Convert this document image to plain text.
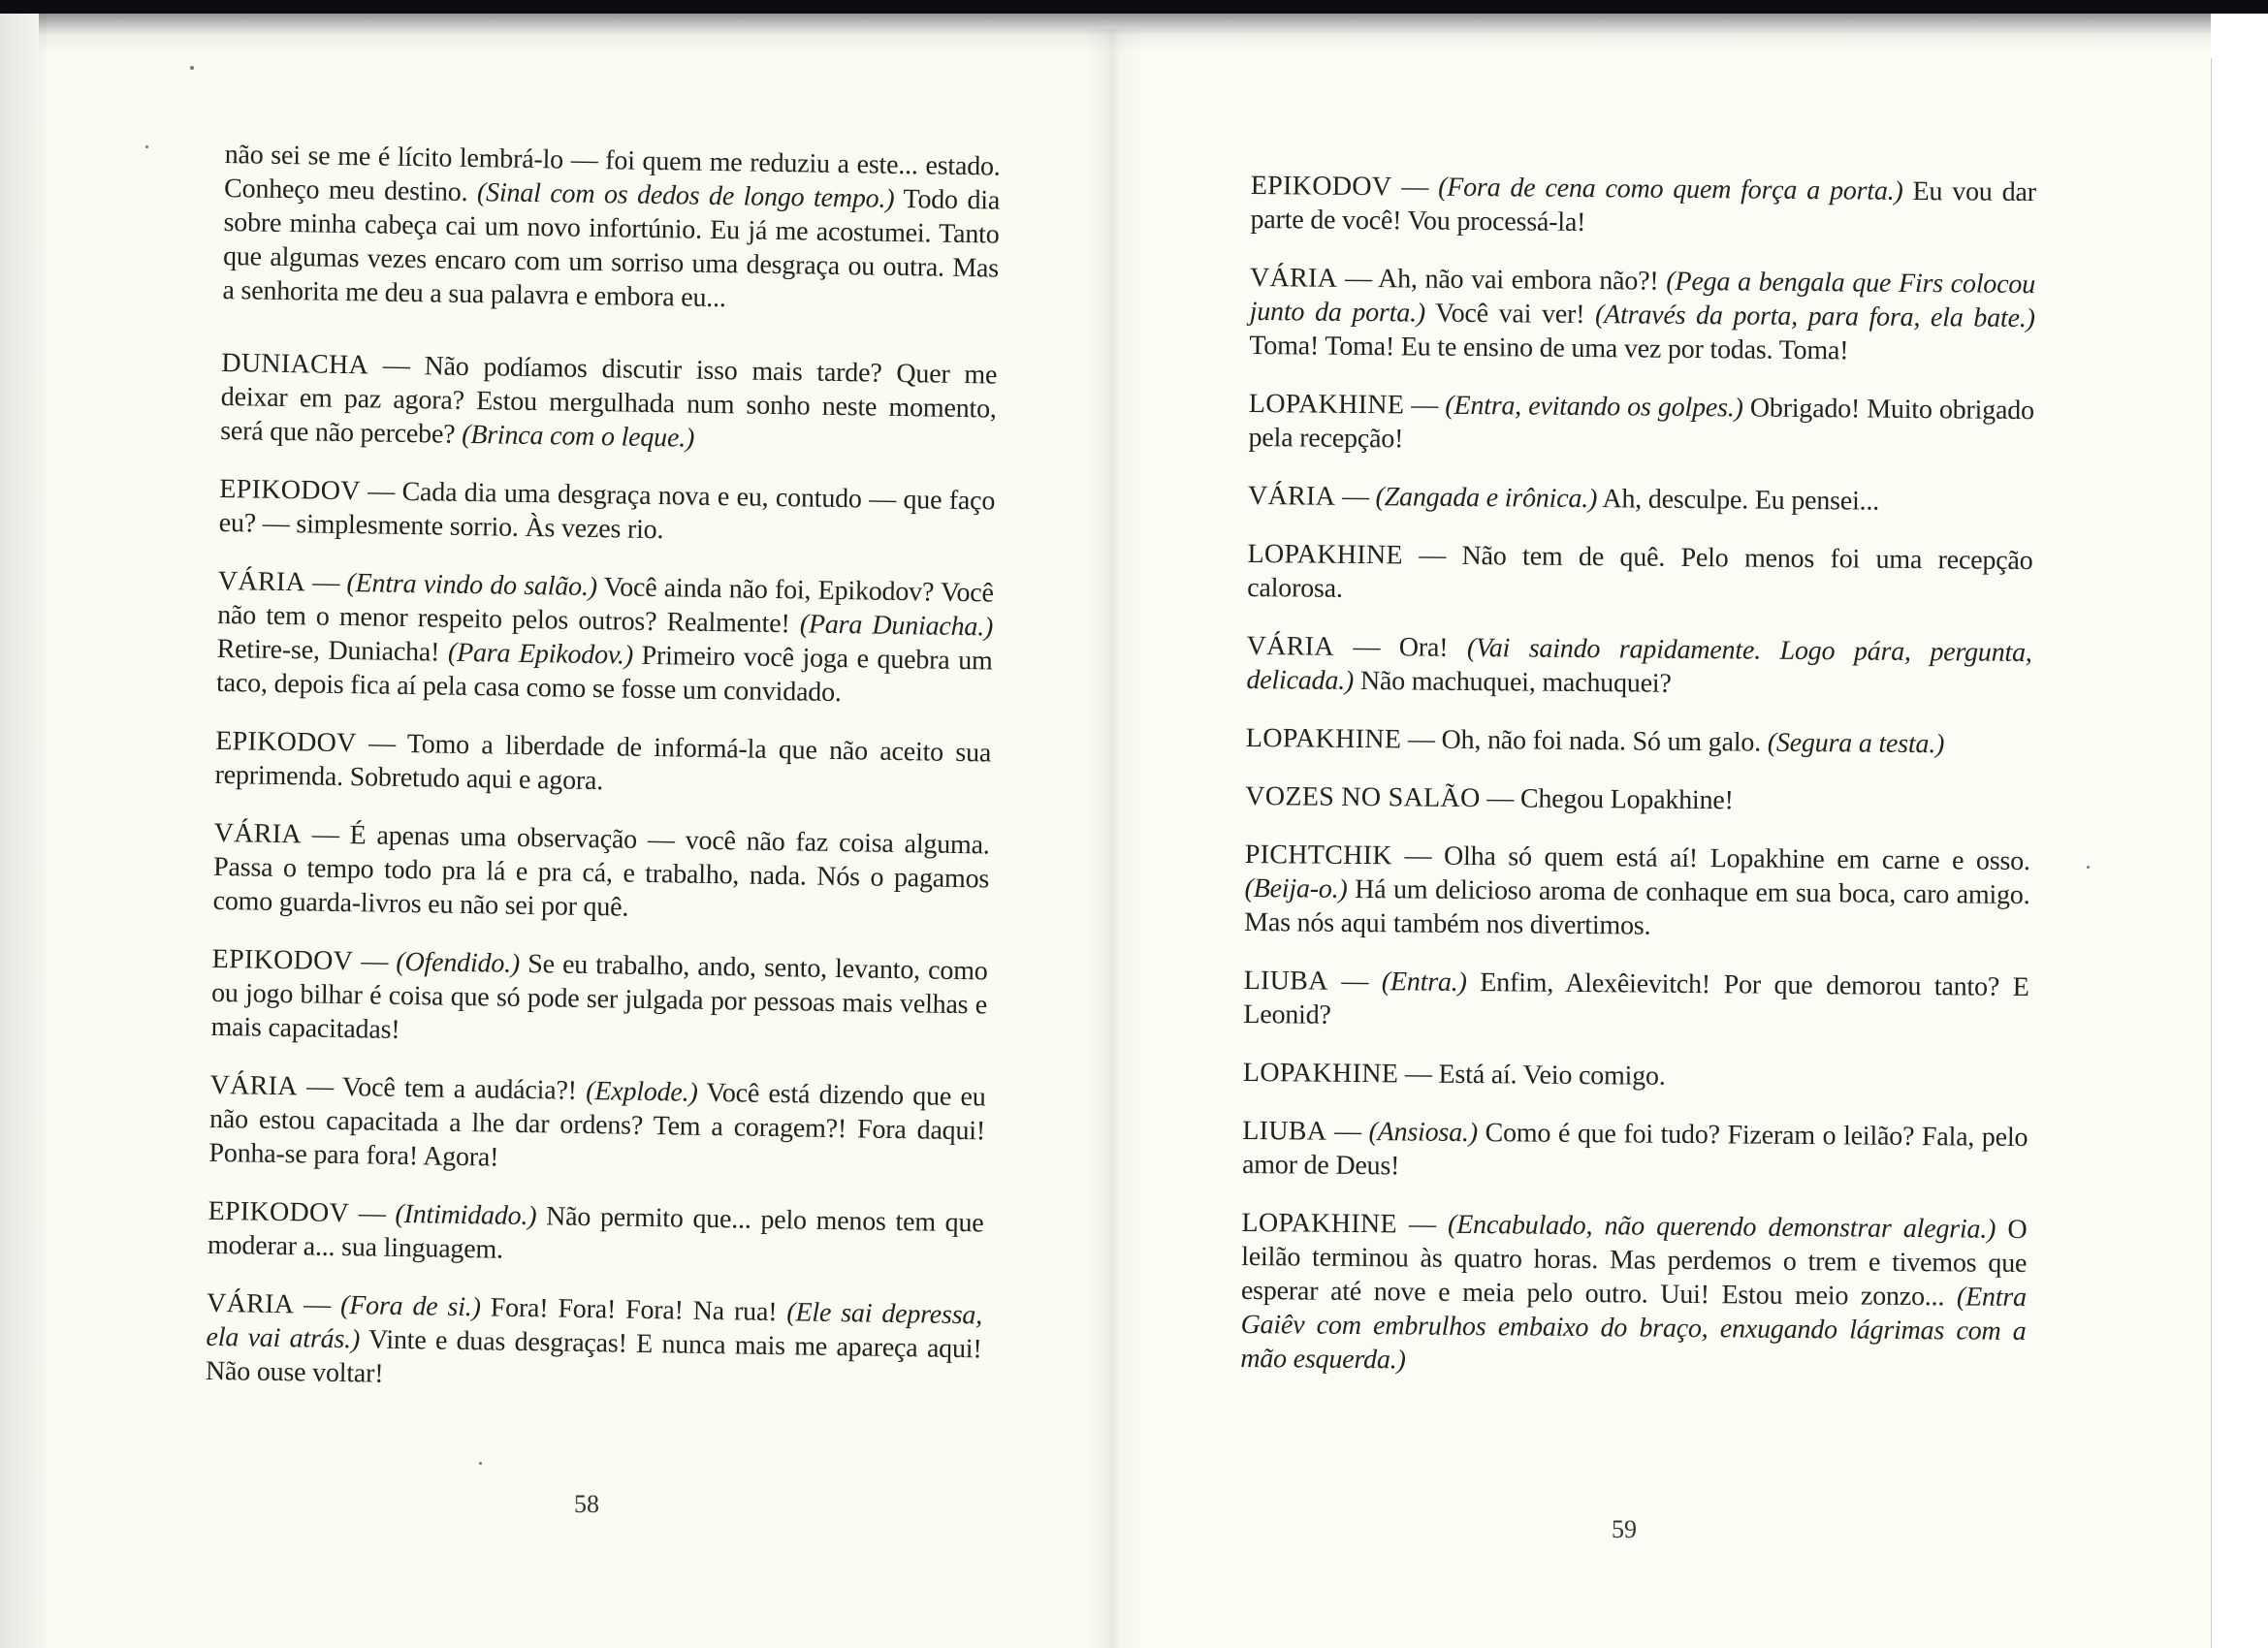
não sei se me é lícito lembrá-lo — foi quem me reduziu a este... estado. Conheço meu destino. (Sinal com os dedos de longo tempo.) Todo dia sobre minha cabeça cai um novo infortúnio. Eu já me acostumei. Tanto que algumas vezes encaro com um sorriso uma desgraça ou outra. Mas a senhorita me deu a sua palavra e embora eu...

DUNIACHA — Não podíamos discutir isso mais tarde? Quer me deixar em paz agora? Estou mergulhada num sonho neste momento, será que não percebe? (Brinca com o leque.)

EPIKODOV — Cada dia uma desgraça nova e eu, contudo — que faço eu? — simplesmente sorrio. Às vezes rio.

VÁRIA — (Entra vindo do salão.) Você ainda não foi, Epikodov? Você não tem o menor respeito pelos outros? Realmente! (Para Duniacha.) Retire-se, Duniacha! (Para Epikodov.) Primeiro você joga e quebra um taco, depois fica aí pela casa como se fosse um convidado.

EPIKODOV — Tomo a liberdade de informá-la que não aceito sua reprimenda. Sobretudo aqui e agora.

VÁRIA — É apenas uma observação — você não faz coisa alguma. Passa o tempo todo pra lá e pra cá, e trabalho, nada. Nós o pagamos como guarda-livros eu não sei por quê.

EPIKODOV — (Ofendido.) Se eu trabalho, ando, sento, levanto, como ou jogo bilhar é coisa que só pode ser julgada por pessoas mais velhas e mais capacitadas!

VÁRIA — Você tem a audácia?! (Explode.) Você está dizendo que eu não estou capacitada a lhe dar ordens? Tem a coragem?! Fora daqui! Ponha-se para fora! Agora!

EPIKODOV — (Intimidado.) Não permito que... pelo menos tem que moderar a... sua linguagem.

VÁRIA — (Fora de si.) Fora! Fora! Fora! Na rua! (Ele sai depressa, ela vai atrás.) Vinte e duas desgraças! E nunca mais me apareça aqui! Não ouse voltar!

58

EPIKODOV — (Fora de cena como quem força a porta.) Eu vou dar parte de você! Vou processá-la!

VÁRIA — Ah, não vai embora não?! (Pega a bengala que Firs colocou junto da porta.) Você vai ver! (Através da porta, para fora, ela bate.) Toma! Toma! Eu te ensino de uma vez por todas. Toma!

LOPAKHINE — (Entra, evitando os golpes.) Obrigado! Muito obrigado pela recepção!

VÁRIA — (Zangada e irônica.) Ah, desculpe. Eu pensei...

LOPAKHINE — Não tem de quê. Pelo menos foi uma recepção calorosa.

VÁRIA — Ora! (Vai saindo rapidamente. Logo pára, pergunta, delicada.) Não machuquei, machuquei?

LOPAKHINE — Oh, não foi nada. Só um galo. (Segura a testa.)

VOZES NO SALÃO — Chegou Lopakhine!

PICHTCHIK — Olha só quem está aí! Lopakhine em carne e osso. (Beija-o.) Há um delicioso aroma de conhaque em sua boca, caro amigo. Mas nós aqui também nos divertimos.

LIUBA — (Entra.) Enfim, Alexêievitch! Por que demorou tanto? E Leonid?

LOPAKHINE — Está aí. Veio comigo.

LIUBA — (Ansiosa.) Como é que foi tudo? Fizeram o leilão? Fala, pelo amor de Deus!

LOPAKHINE — (Encabulado, não querendo demonstrar alegria.) O leilão terminou às quatro horas. Mas perdemos o trem e tivemos que esperar até nove e meia pelo outro. Uui! Estou meio zonzo... (Entra Gaiêv com embrulhos embaixo do braço, enxugando lágrimas com a mão esquerda.)

59
